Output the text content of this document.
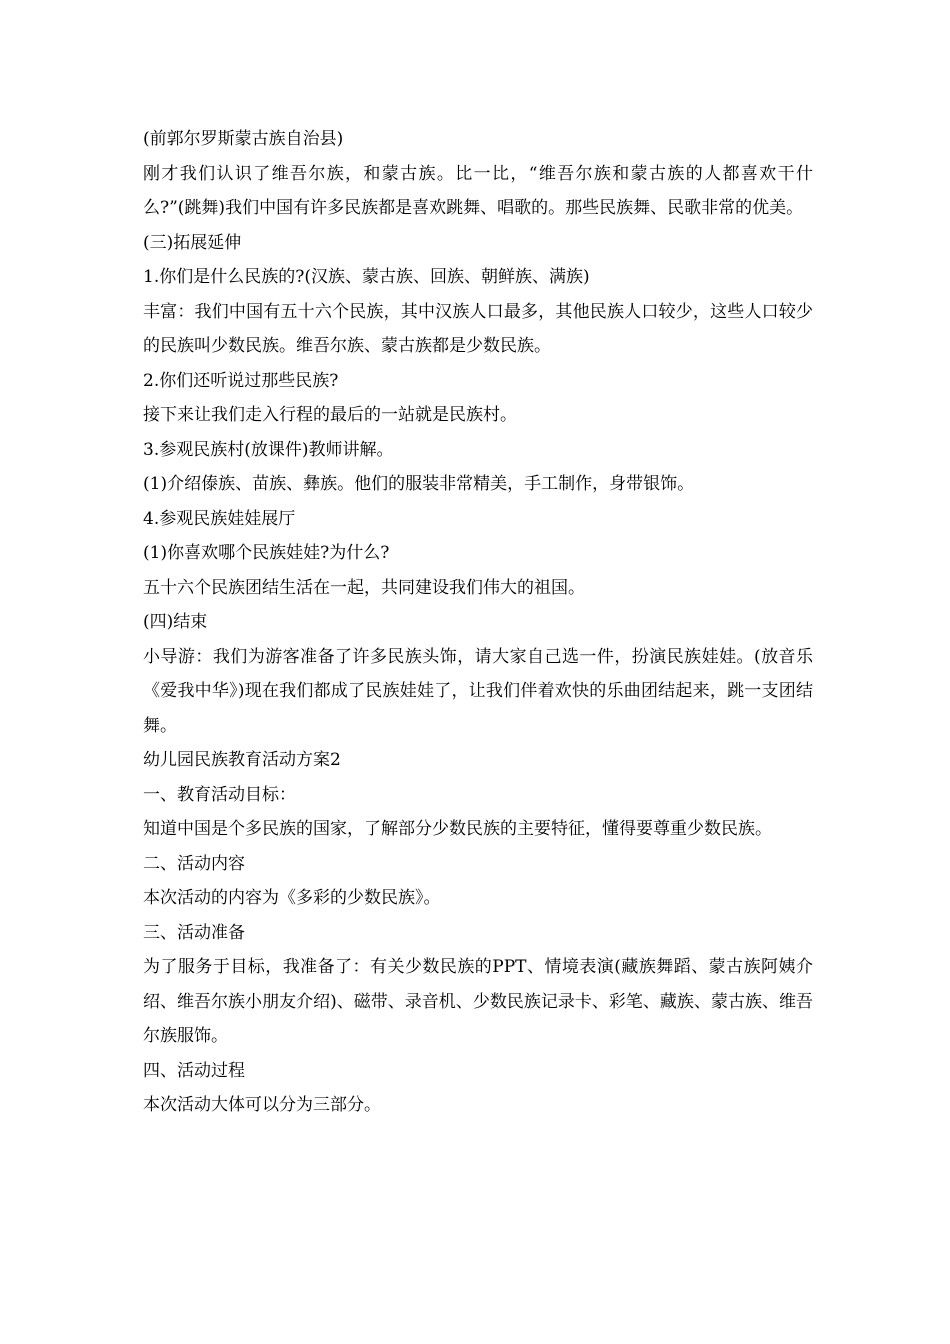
(前郭尔罗斯蒙古族自治县)

刚才我们认识了维吾尔族，和蒙古族。比一比，“维吾尔族和蒙古族的人都喜欢干什么?”(跳舞)我们中国有许多民族都是喜欢跳舞、唱歌的。那些民族舞、民歌非常的优美。

(三)拓展延伸

1.你们是什么民族的?(汉族、蒙古族、回族、朝鲜族、满族)

丰富：我们中国有五十六个民族，其中汉族人口最多，其他民族人口较少，这些人口较少的民族叫少数民族。维吾尔族、蒙古族都是少数民族。

2.你们还听说过那些民族?

接下来让我们走入行程的最后的一站就是民族村。

3.参观民族村(放课件)教师讲解。

(1)介绍傣族、苗族、彝族。他们的服装非常精美，手工制作，身带银饰。

4.参观民族娃娃展厅

(1)你喜欢哪个民族娃娃?为什么?

五十六个民族团结生活在一起，共同建设我们伟大的祖国。

(四)结束

小导游：我们为游客准备了许多民族头饰，请大家自己选一件，扮演民族娃娃。(放音乐《爱我中华》)现在我们都成了民族娃娃了，让我们伴着欢快的乐曲团结起来，跳一支团结舞。

幼儿园民族教育活动方案2

一、教育活动目标：

知道中国是个多民族的国家，了解部分少数民族的主要特征，懂得要尊重少数民族。

二、活动内容

本次活动的内容为《多彩的少数民族》。

三、活动准备

为了服务于目标，我准备了：有关少数民族的PPT、情境表演(藏族舞蹈、蒙古族阿姨介绍、维吾尔族小朋友介绍)、磁带、录音机、少数民族记录卡、彩笔、藏族、蒙古族、维吾尔族服饰。

四、活动过程

本次活动大体可以分为三部分。
